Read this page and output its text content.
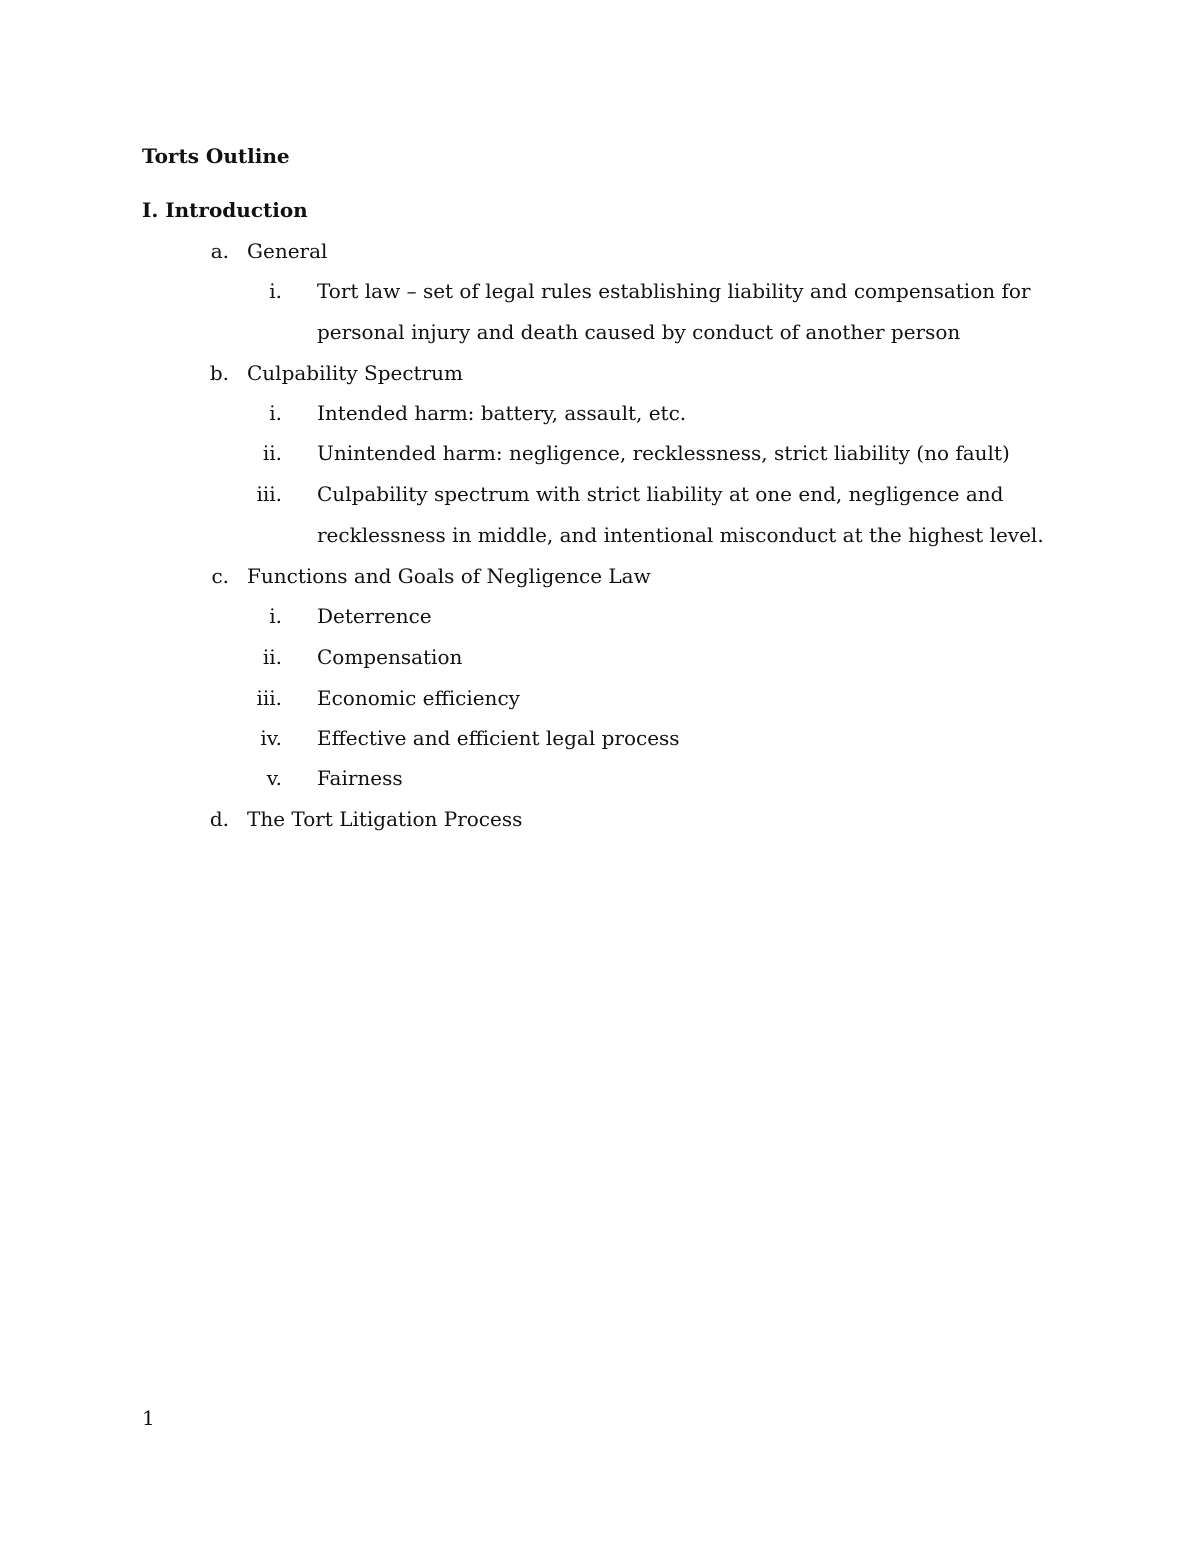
Torts Outline
I. Introduction
a. General
i. Tort law – set of legal rules establishing liability and compensation for
personal injury and death caused by conduct of another person
b. Culpability Spectrum
i. Intended harm: battery, assault, etc.
ii. Unintended harm: negligence, recklessness, strict liability (no fault)
iii. Culpability spectrum with strict liability at one end, negligence and
recklessness in middle, and intentional misconduct at the highest level.
c. Functions and Goals of Negligence Law
i. Deterrence
ii. Compensation
iii. Economic efficiency
iv. Effective and efficient legal process
v. Fairness
d. The Tort Litigation Process
1
